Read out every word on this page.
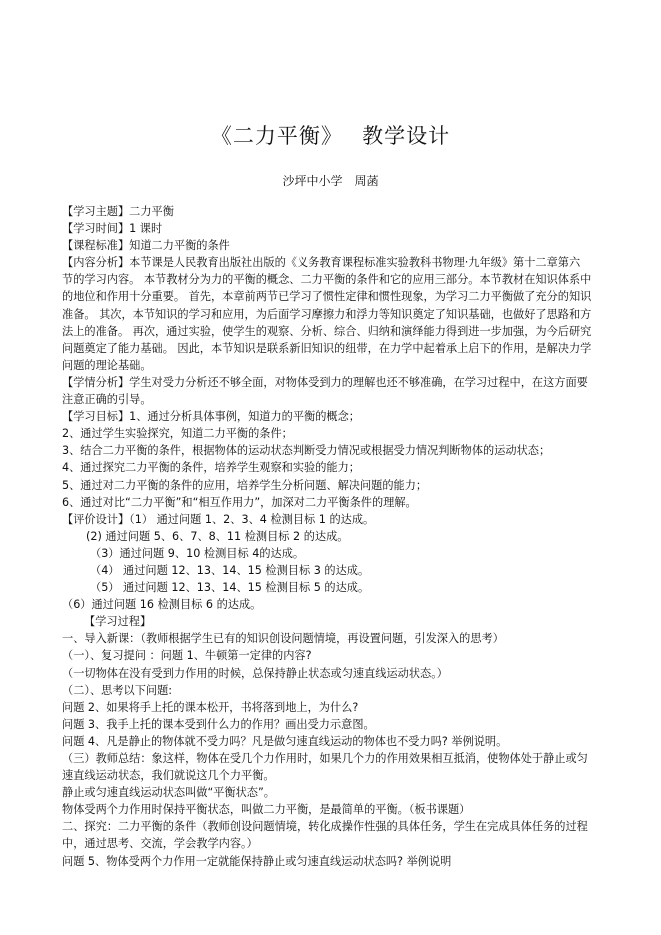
《二力平衡》　 教学设计
沙坪中小学　周菡

【学习主题】二力平衡

【学习时间】1 课时

【课程标准】知道二力平衡的条件

【内容分析】本节课是人民教育出版社出版的《义务教育课程标准实验教科书物理·九年级》第十二章第六

节的学习内容。 本节教材分为力的平衡的概念、二力平衡的条件和它的应用三部分。本节教材在知识体系中

的地位和作用十分重要。 首先，本章前两节已学习了惯性定律和惯性现象，为学习二力平衡做了充分的知识

准备。 其次，本节知识的学习和应用，为后面学习摩擦力和浮力等知识奠定了知识基础，也做好了思路和方

法上的准备。 再次，通过实验，使学生的观察、分析、综合、归纳和演绎能力得到进一步加强，为今后研究

问题奠定了能力基础。 因此，本节知识是联系新旧知识的纽带，在力学中起着承上启下的作用，是解决力学

问题的理论基础。

【学情分析】学生对受力分析还不够全面，对物体受到力的理解也还不够准确，在学习过程中，在这方面要

注意正确的引导。

【学习目标】1、通过分析具体事例，知道力的平衡的概念；

2、通过学生实验探究，知道二力平衡的条件；

3、结合二力平衡的条件，根据物体的运动状态判断受力情况或根据受力情况判断物体的运动状态；

4、通过探究二力平衡的条件，培养学生观察和实验的能力；

5、通过对二力平衡的条件的应用，培养学生分析问题、解决问题的能力；

6、通过对比“二力平衡”和“相互作用力”，加深对二力平衡条件的理解。

【评价设计】（1） 通过问题 1、2、3、4 检测目标 1 的达成。

(2) 通过问题 5、6、7、8、11 检测目标 2 的达成。

（3）通过问题 9、10 检测目标 4的达成。

（4） 通过问题 12、13、14、15 检测目标 3 的达成。

（5） 通过问题 12、13、14、15 检测目标 5 的达成。

（6）通过问题 16 检测目标 6 的达成。

【学习过程】

一、导入新课：（教师根据学生已有的知识创设问题情境，再设置问题，引发深入的思考）

（一）、复习提问 ：问题 1、牛顿第一定律的内容?

（一切物体在没有受到力作用的时候，总保持静止状态或匀速直线运动状态。）

（二）、思考以下问题:

问题 2、如果将手上托的课本松开，书将落到地上，为什么?

问题 3、我手上托的课本受到什么力的作用？画出受力示意图。

问题 4、凡是静止的物体就不受力吗？凡是做匀速直线运动的物体也不受力吗? 举例说明。

（三）教师总结：象这样，物体在受几个力作用时，如果几个力的作用效果相互抵消，使物体处于静止或匀

速直线运动状态，我们就说这几个力平衡。

静止或匀速直线运动状态叫做“平衡状态”。

物体受两个力作用时保持平衡状态，叫做二力平衡，是最简单的平衡。（板书课题）

二、探究：二力平衡的条件（教师创设问题情境，转化成操作性强的具体任务，学生在完成具体任务的过程

中，通过思考、交流，学会教学内容。）

问题 5、物体受两个力作用一定就能保持静止或匀速直线运动状态吗? 举例说明
